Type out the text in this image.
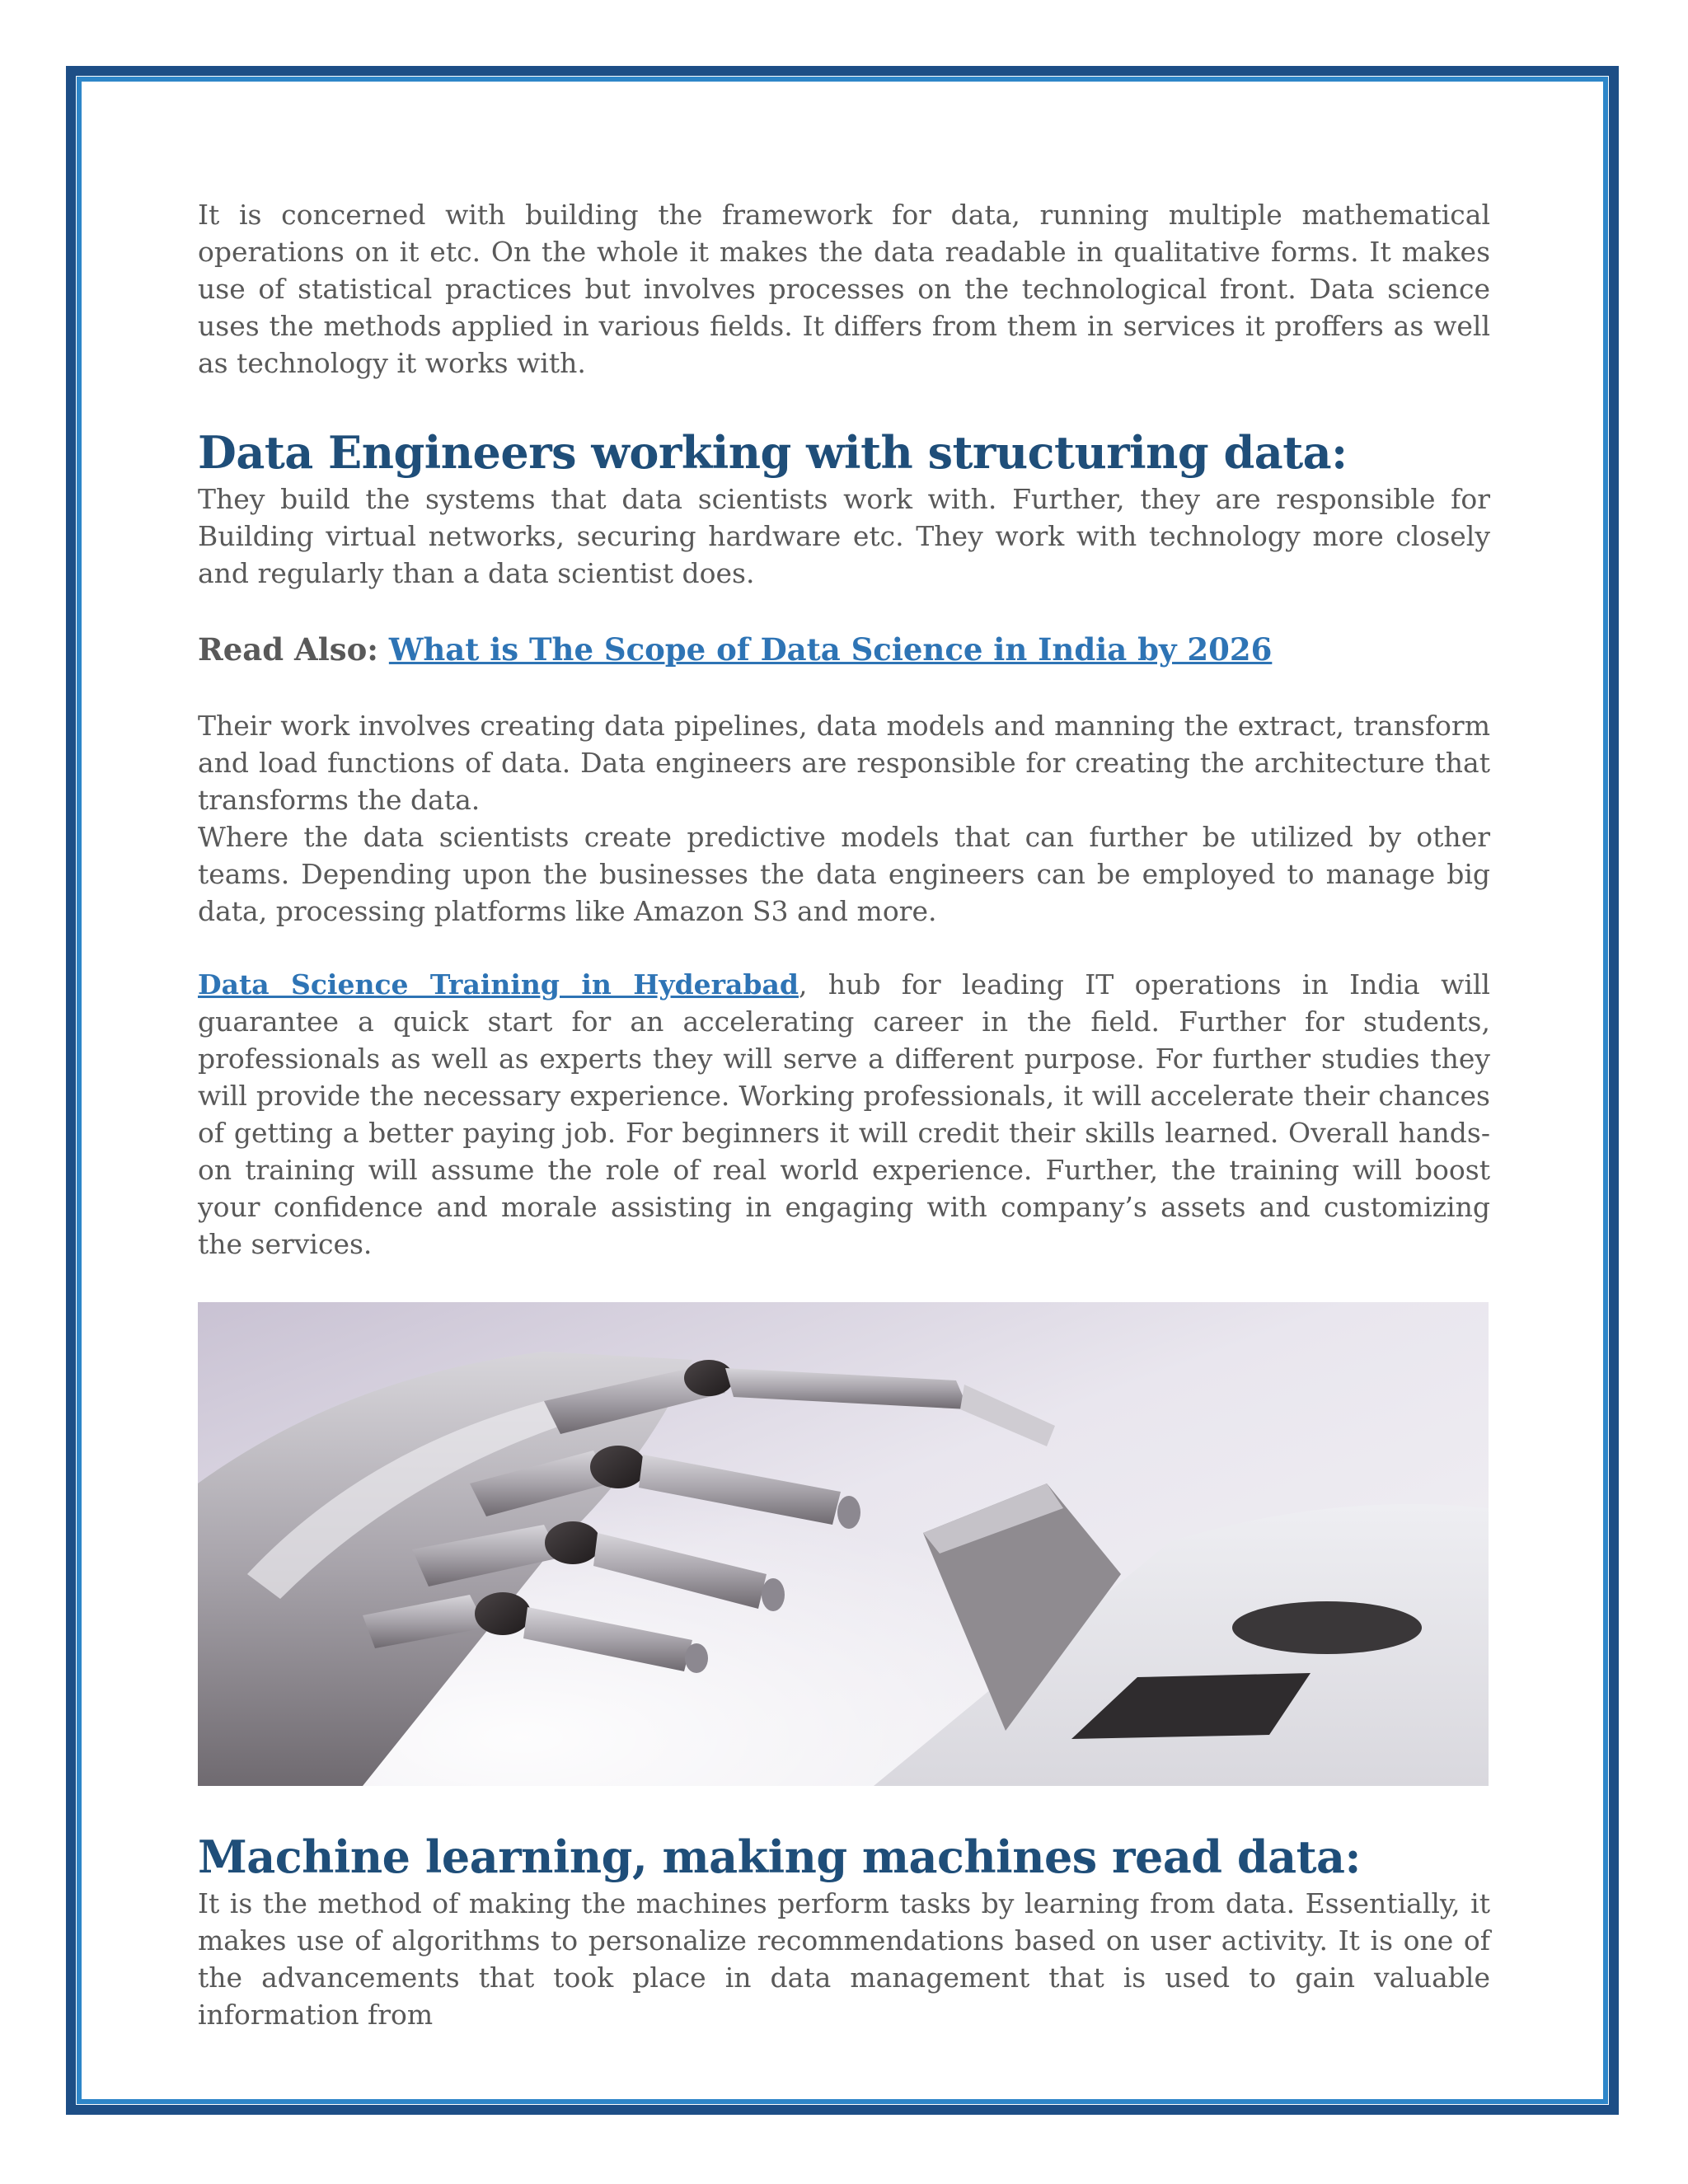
It is concerned with building the framework for data, running multiple mathematical operations on it etc. On the whole it makes the data readable in qualitative forms. It makes use of statistical practices but involves processes on the technological front. Data science uses the methods applied in various fields. It differs from them in services it proffers as well as technology it works with.

Data Engineers working with structuring data:

They build the systems that data scientists work with. Further, they are responsible for Building virtual networks, securing hardware etc. They work with technology more closely and regularly than a data scientist does.

Read Also: What is The Scope of Data Science in India by 2026

Their work involves creating data pipelines, data models and manning the extract, transform and load functions of data. Data engineers are responsible for creating the architecture that transforms the data.

Where the data scientists create predictive models that can further be utilized by other teams. Depending upon the businesses the data engineers can be employed to manage big data, processing platforms like Amazon S3 and more.

Data Science Training in Hyderabad, hub for leading IT operations in India will guarantee a quick start for an accelerating career in the field. Further for students, professionals as well as experts they will serve a different purpose. For further studies they will provide the necessary experience. Working professionals, it will accelerate their chances of getting a better paying job. For beginners it will credit their skills learned. Overall hands-on training will assume the role of real world experience. Further, the training will boost your confidence and morale assisting in engaging with company’s assets and customizing the services.

Machine learning, making machines read data:

It is the method of making the machines perform tasks by learning from data. Essentially, it makes use of algorithms to personalize recommendations based on user activity. It is one of the advancements that took place in data management that is used to gain valuable information from
